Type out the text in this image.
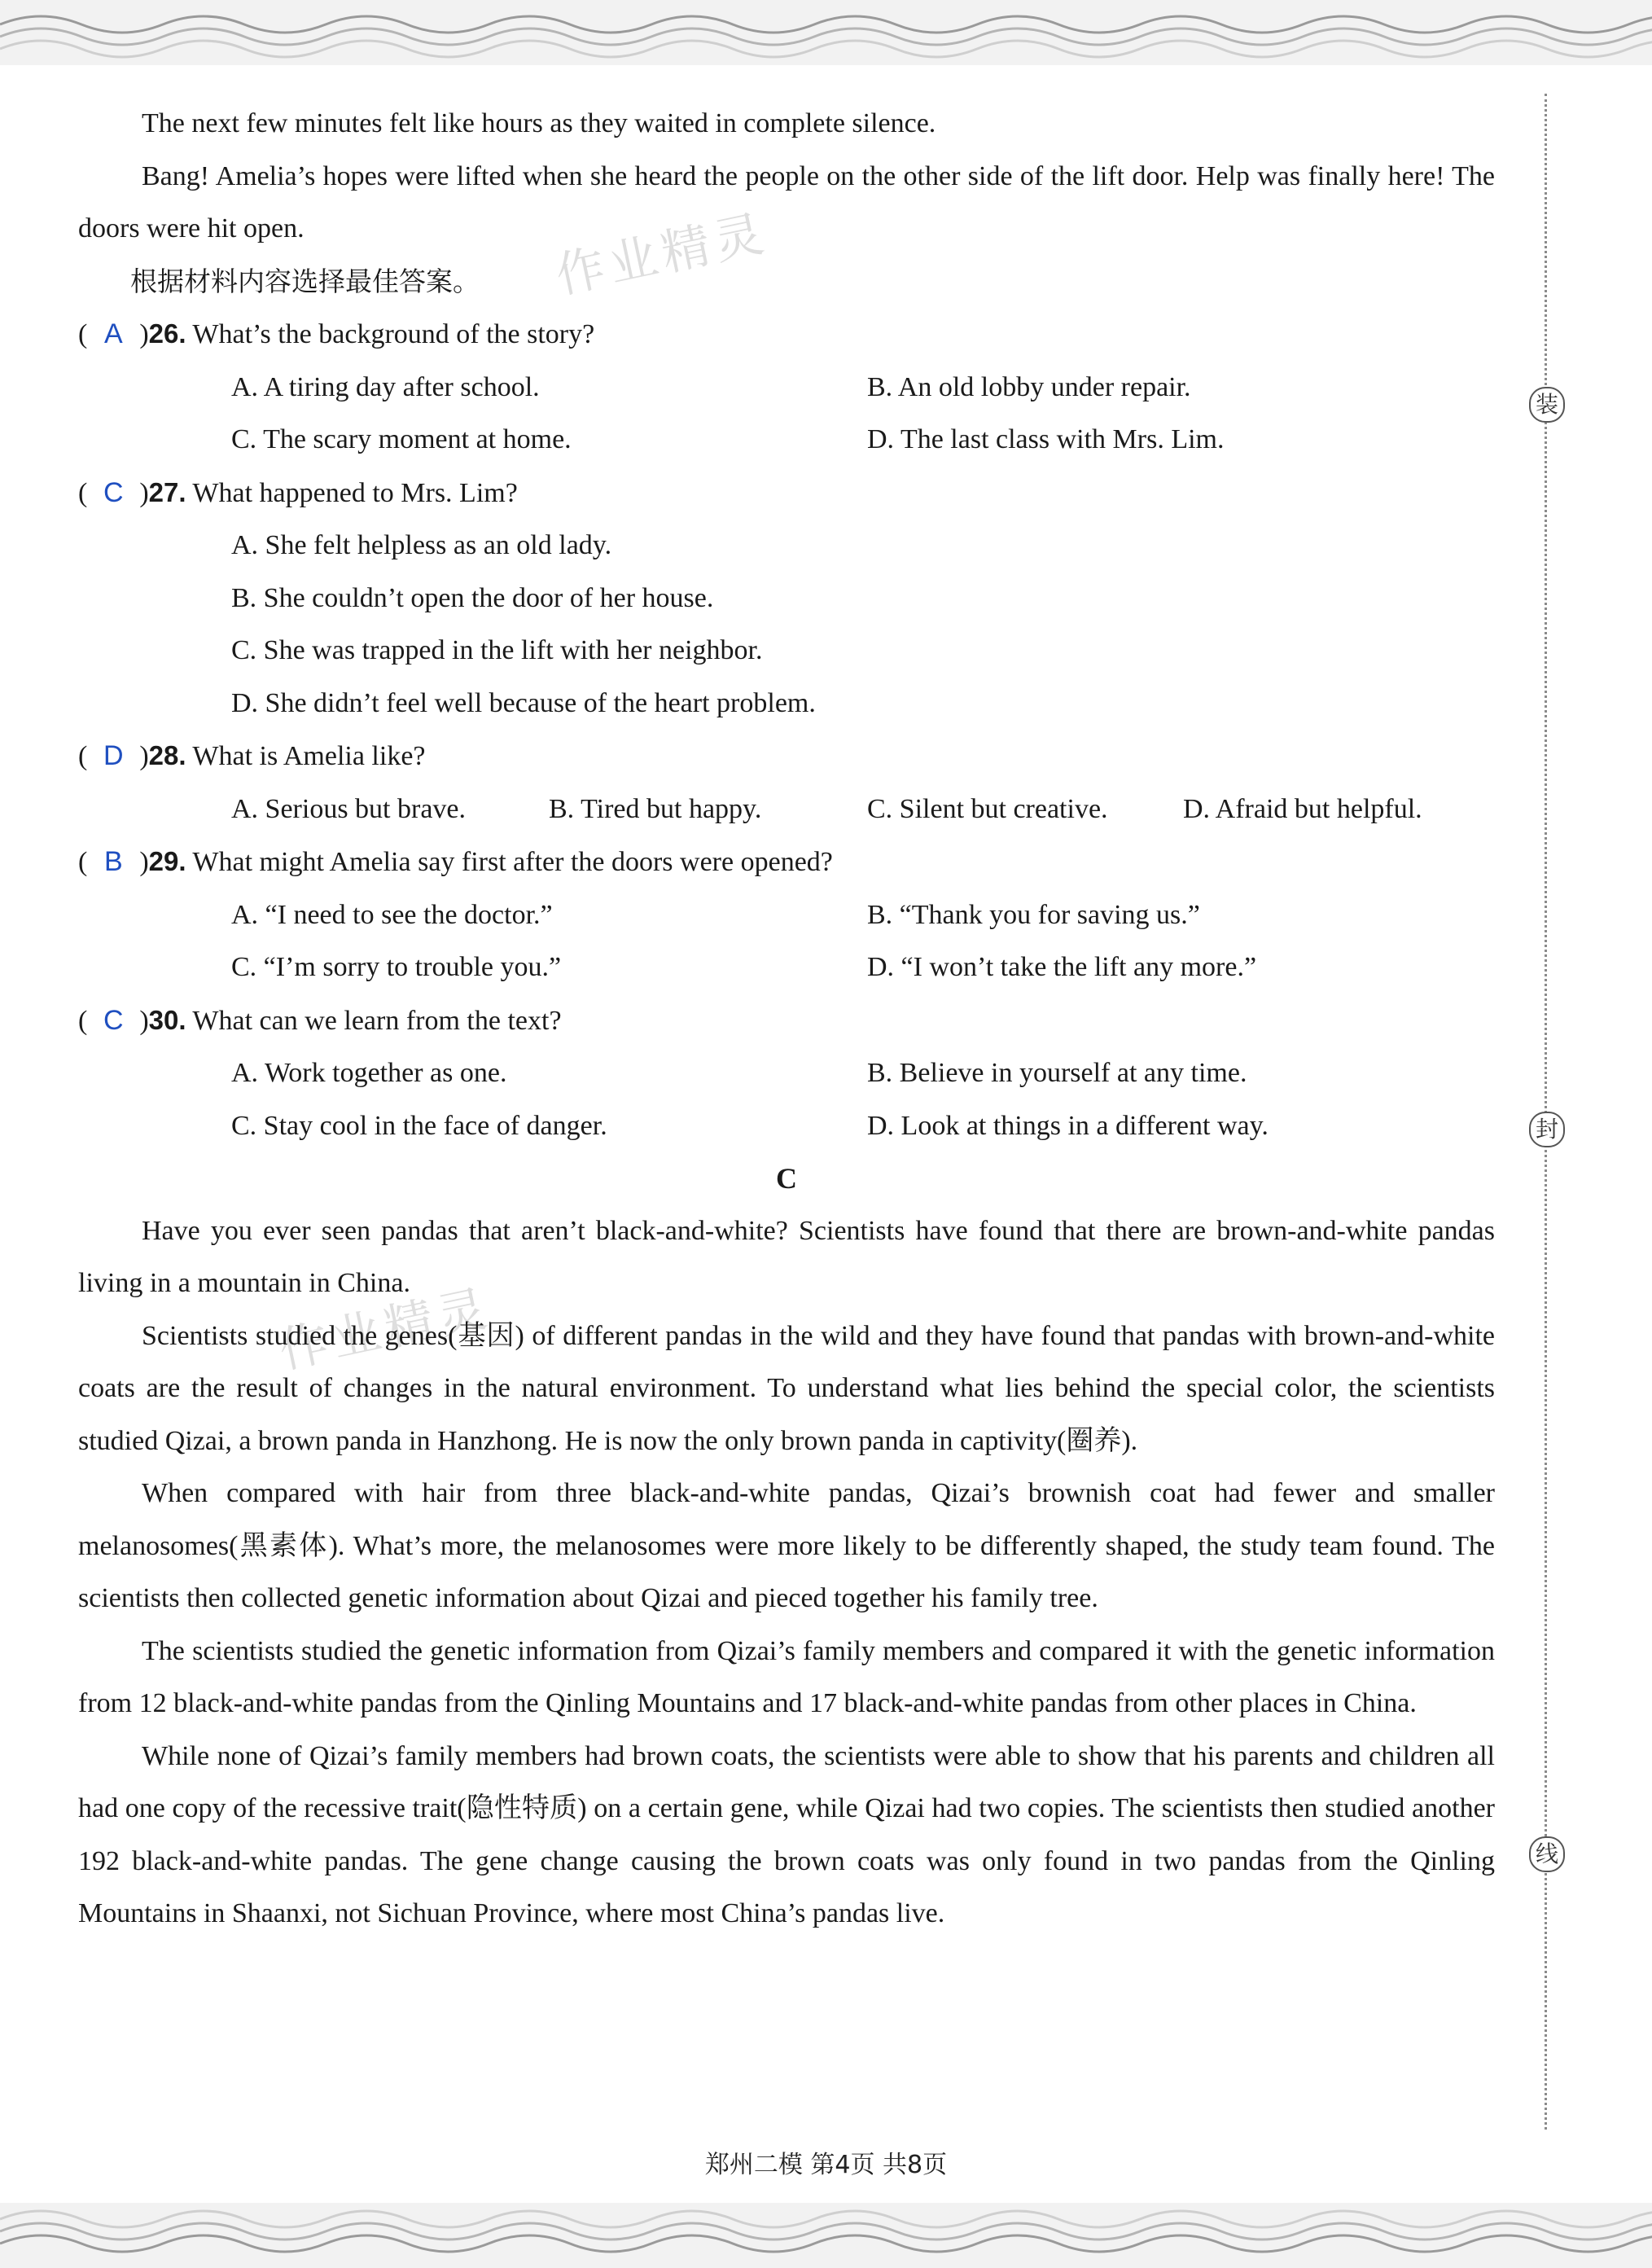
装
封
线
作业精灵
作业精灵

The next few minutes felt like hours as they waited in complete silence.

Bang! Amelia’s hopes were lifted when she heard the people on the other side of the lift door. Help was finally here! The doors were hit open.

根据材料内容选择最佳答案。

( A )26. What’s the background of the story?
A. A tiring day after school.	B. An old lobby under repair.
C. The scary moment at home.	D. The last class with Mrs. Lim.
( C )27. What happened to Mrs. Lim?
A. She felt helpless as an old lady.
B. She couldn’t open the door of her house.
C. She was trapped in the lift with her neighbor.
D. She didn’t feel well because of the heart problem.
( D )28. What is Amelia like?
A. Serious but brave.	B. Tired but happy.	C. Silent but creative.	D. Afraid but helpful.
( B )29. What might Amelia say first after the doors were opened?
A. “I need to see the doctor.”	B. “Thank you for saving us.”
C. “I’m sorry to trouble you.”	D. “I won’t take the lift any more.”
( C )30. What can we learn from the text?
A. Work together as one.	B. Believe in yourself at any time.
C. Stay cool in the face of danger.	D. Look at things in a different way.

C

Have you ever seen pandas that aren’t black-and-white? Scientists have found that there are brown-and-white pandas living in a mountain in China.

Scientists studied the genes(基因) of different pandas in the wild and they have found that pandas with brown-and-white coats are the result of changes in the natural environment. To understand what lies behind the special color, the scientists studied Qizai, a brown panda in Hanzhong. He is now the only brown panda in captivity(圈养).

When compared with hair from three black-and-white pandas, Qizai’s brownish coat had fewer and smaller melanosomes(黑素体). What’s more, the melanosomes were more likely to be differently shaped, the study team found. The scientists then collected genetic information about Qizai and pieced together his family tree.

The scientists studied the genetic information from Qizai’s family members and compared it with the genetic information from 12 black-and-white pandas from the Qinling Mountains and 17 black-and-white pandas from other places in China.

While none of Qizai’s family members had brown coats, the scientists were able to show that his parents and children all had one copy of the recessive trait(隐性特质) on a certain gene, while Qizai had two copies. The scientists then studied another 192 black-and-white pandas. The gene change causing the brown coats was only found in two pandas from the Qinling Mountains in Shaanxi, not Sichuan Province, where most China’s pandas live.

郑州二模 第4页 共8页
